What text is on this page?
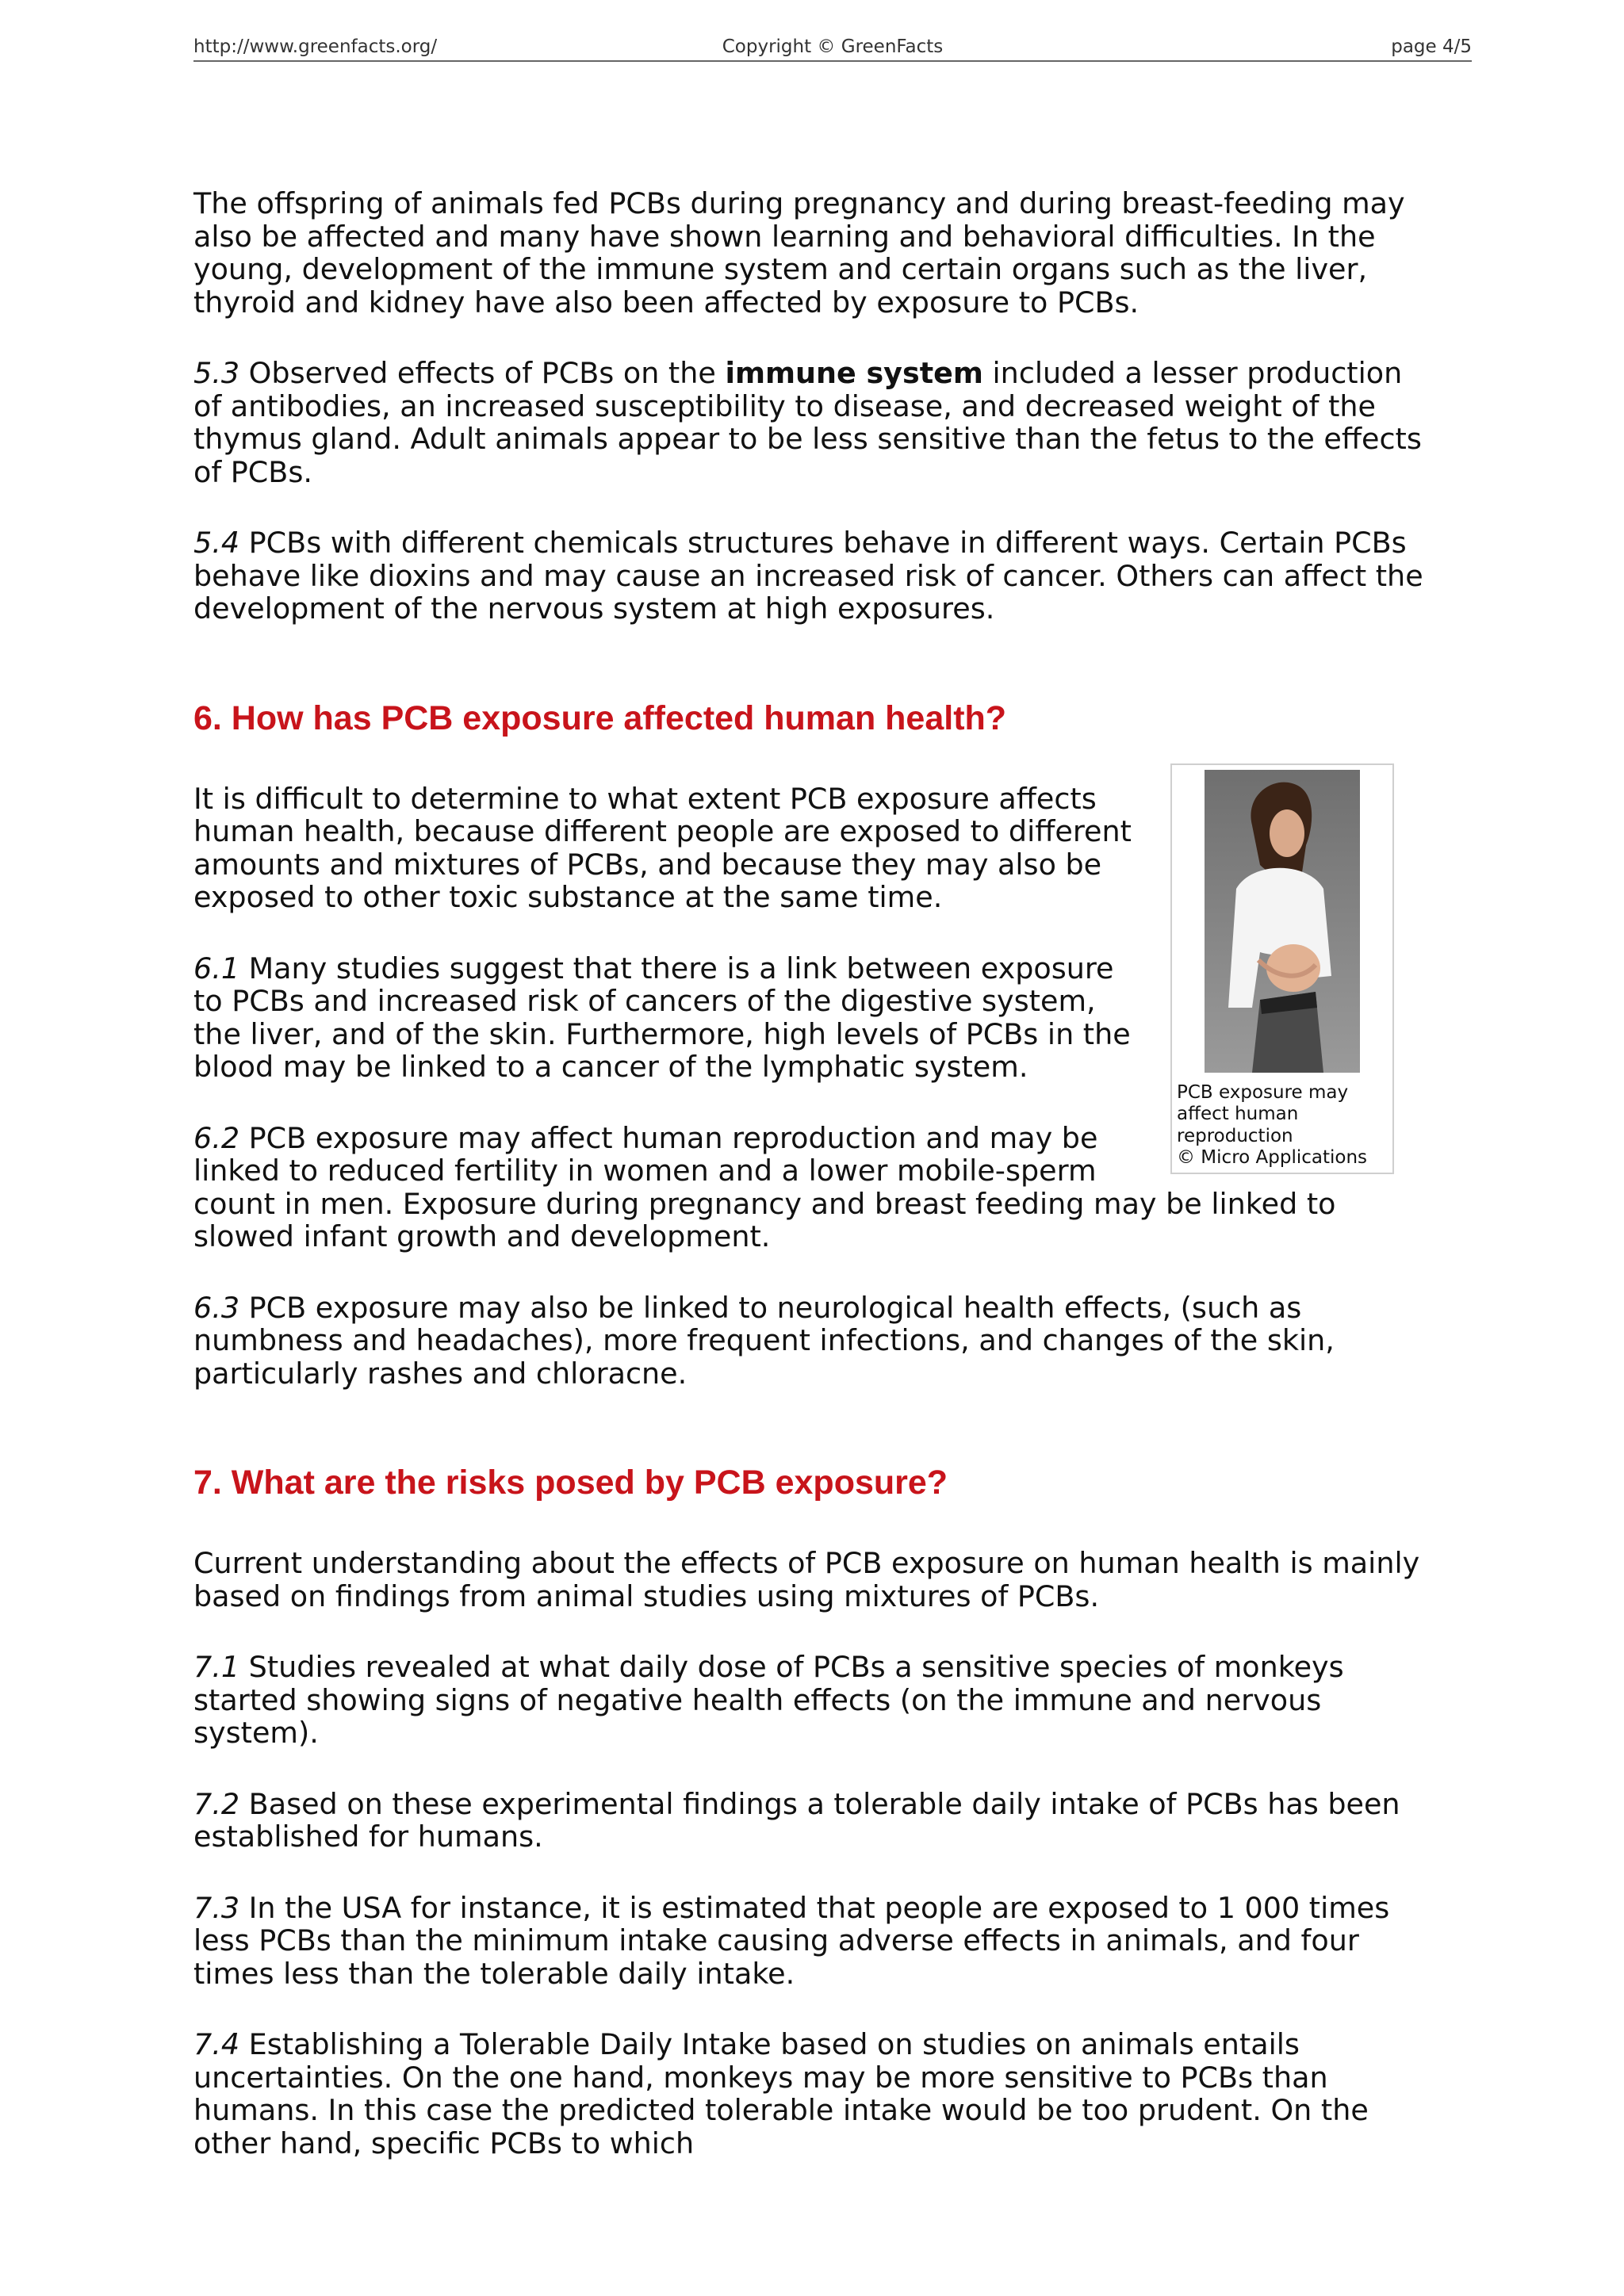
http://www.greenfacts.org/	Copyright © GreenFacts	page 4/5

The offspring of animals fed PCBs during pregnancy and during breast-feeding may also be affected and many have shown learning and behavioral difficulties. In the young, development of the immune system and certain organs such as the liver, thyroid and kidney have also been affected by exposure to PCBs.

5.3 Observed effects of PCBs on the immune system included a lesser production of antibodies, an increased susceptibility to disease, and decreased weight of the thymus gland. Adult animals appear to be less sensitive than the fetus to the effects of PCBs.

5.4 PCBs with different chemicals structures behave in different ways. Certain PCBs behave like dioxins and may cause an increased risk of cancer. Others can affect the development of the nervous system at high exposures.

6. How has PCB exposure affected human health?
PCB exposure may affect human reproduction
© Micro Applications

It is difficult to determine to what extent PCB exposure affects human health, because different people are exposed to different amounts and mixtures of PCBs, and because they may also be exposed to other toxic substance at the same time.

6.1 Many studies suggest that there is a link between exposure to PCBs and increased risk of cancers of the digestive system, the liver, and of the skin. Furthermore, high levels of PCBs in the blood may be linked to a cancer of the lymphatic system.

6.2 PCB exposure may affect human reproduction and may be linked to reduced fertility in women and a lower mobile-sperm count in men. Exposure during pregnancy and breast feeding may be linked to slowed infant growth and development.

6.3 PCB exposure may also be linked to neurological health effects, (such as numbness and headaches), more frequent infections, and changes of the skin, particularly rashes and chloracne.

7. What are the risks posed by PCB exposure?

Current understanding about the effects of PCB exposure on human health is mainly based on findings from animal studies using mixtures of PCBs.

7.1 Studies revealed at what daily dose of PCBs a sensitive species of monkeys started showing signs of negative health effects (on the immune and nervous system).

7.2 Based on these experimental findings a tolerable daily intake of PCBs has been established for humans.

7.3 In the USA for instance, it is estimated that people are exposed to 1 000 times less PCBs than the minimum intake causing adverse effects in animals, and four times less than the tolerable daily intake.

7.4 Establishing a Tolerable Daily Intake based on studies on animals entails uncertainties. On the one hand, monkeys may be more sensitive to PCBs than humans. In this case the predicted tolerable intake would be too prudent. On the other hand, specific PCBs to which
